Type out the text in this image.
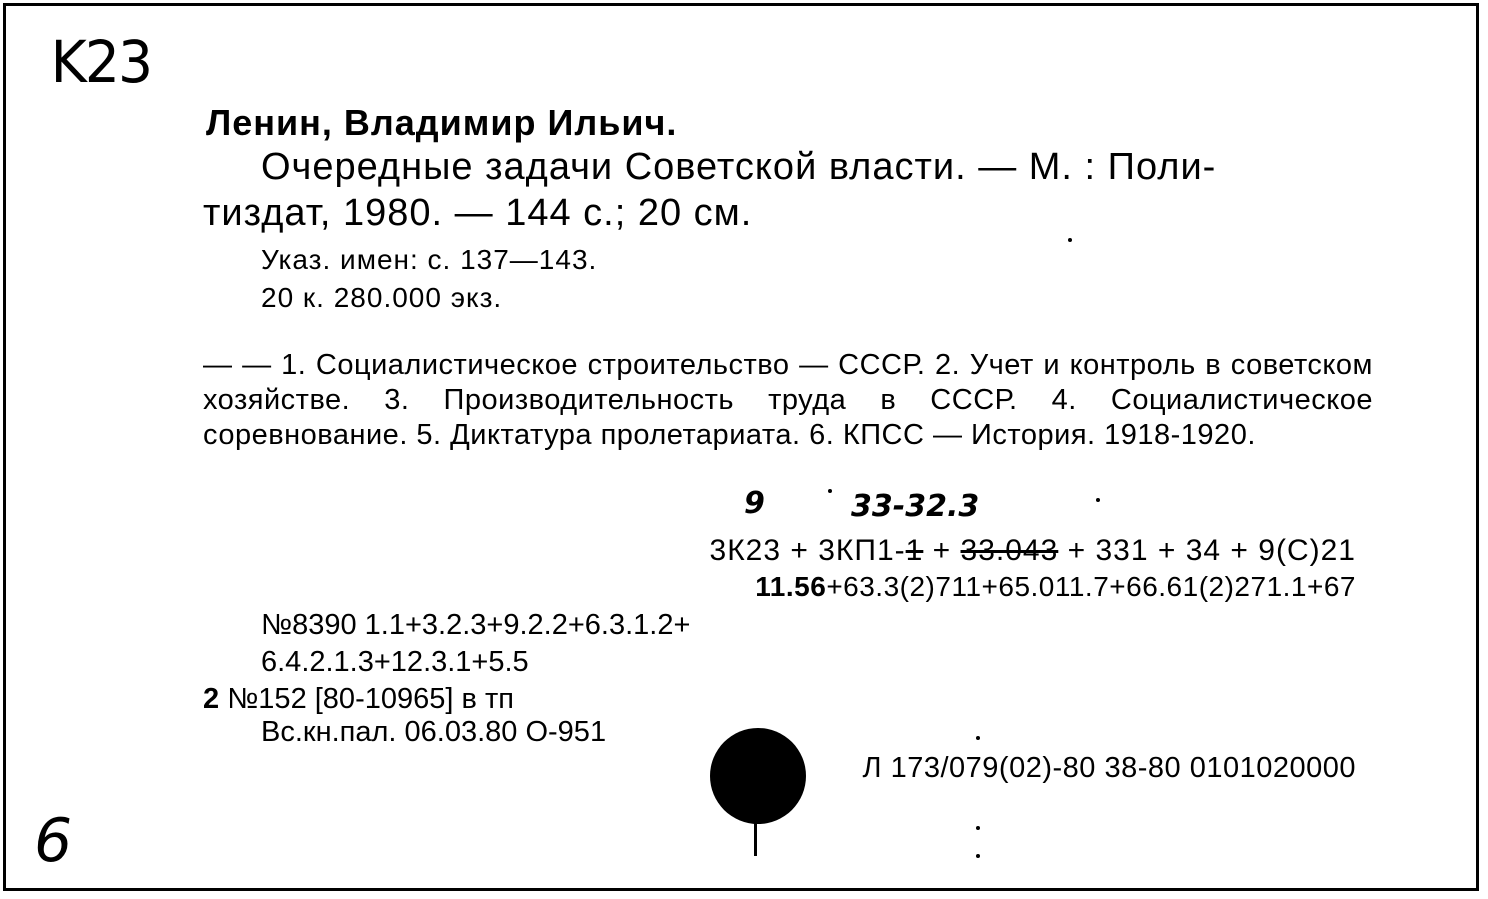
K23
Ленин, Владимир Ильич.
Очередные задачи Советской власти. — М. : Поли-
тиздат, 1980. — 144 с.; 20 см.
Указ. имен: с. 137—143.
20 к. 280.000 экз.
— — 1. Социалистическое строительство — СССР. 2. Учет и контроль в советском хозяйстве. 3. Производительность труда в СССР. 4. Социалистическое соревнование. 5. Диктатура пролетариата. 6. КПСС — История. 1918-1920.
9	33-32.3
3К23 + 3КП1-1 + 33.043 + 331 + 34 + 9(С)21
11.56+63.3(2)711+65.011.7+66.61(2)271.1+67
№8390 1.1+3.2.3+9.2.2+6.3.1.2+
6.4.2.1.3+12.3.1+5.5
2 №152 [80-10965] в тп
Вс.кн.пал. 06.03.80 О-951
Л 173/079(02)-80 38-80 0101020000
6
